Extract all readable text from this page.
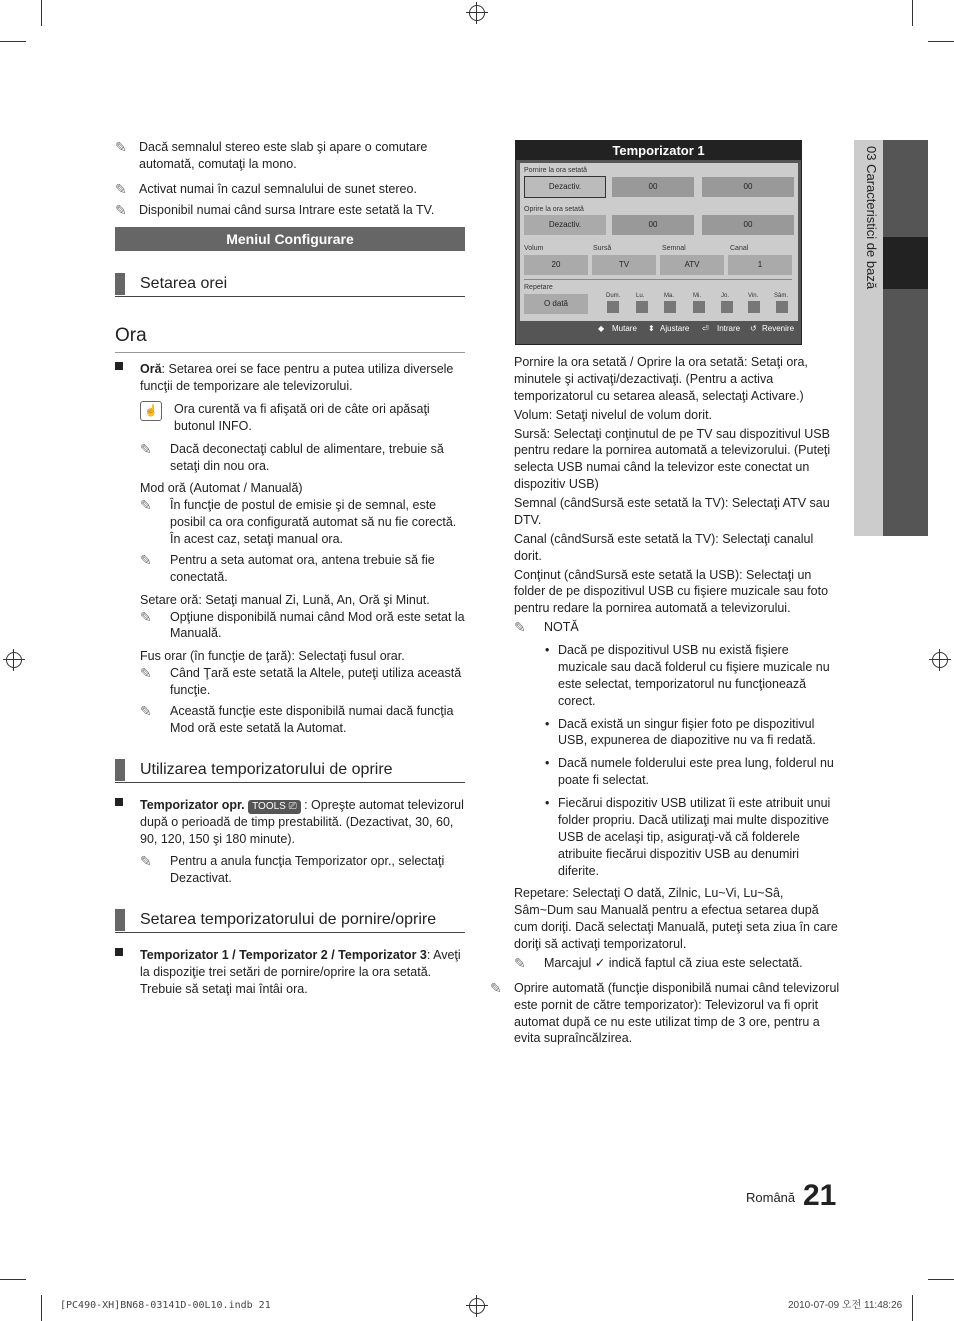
✎ Dacă semnalul stereo este slab şi apare o comutare automată, comutaţi la mono.
✎ Activat numai în cazul semnalului de sunet stereo.
✎ Disponibil numai când sursa Intrare este setată la TV.
Meniul Configurare
Setarea orei
Ora
Oră: Setarea orei se face pentru a putea utiliza diversele funcţii de temporizare ale televizorului.
☝	Ora curentă va fi afişată ori de câte ori apăsaţi butonul INFO.
✎ Dacă deconectaţi cablul de alimentare, trebuie să setaţi din nou ora.
Mod oră (Automat / Manuală)
✎ În funcţie de postul de emisie şi de semnal, este posibil ca ora configurată automat să nu fie corectă. În acest caz, setaţi manual ora.
✎ Pentru a seta automat ora, antena trebuie să fie conectată.
Setare oră: Setaţi manual Zi, Lună, An, Oră şi Minut.
✎ Opţiune disponibilă numai când Mod oră este setat la Manuală.
Fus orar (în funcţie de ţară): Selectaţi fusul orar.
✎ Când Ţară este setată la Altele, puteţi utiliza această funcţie.
✎ Această funcţie este disponibilă numai dacă funcţia Mod oră este setată la Automat.
Utilizarea temporizatorului de oprire
Temporizator opr. TOOLS ⎚ : Opreşte automat televizorul după o perioadă de timp prestabilită. (Dezactivat, 30, 60, 90, 120, 150 şi 180 minute).
✎ Pentru a anula funcţia Temporizator opr., selectaţi Dezactivat.
Setarea temporizatorului de pornire/oprire
Temporizator 1 / Temporizator 2 / Temporizator 3: Aveţi la dispoziţie trei setări de pornire/oprire la ora setată. Trebuie să setaţi mai întâi ora.
Temporizator 1
Pornire la ora setată
Dezactiv.	00	00
Oprire la ora setată
Dezactiv.	00	00
Volum	Sursă	Semnal	Canal
20	TV	ATV	1
Repetare
O dată
Dum.	Lu.	Ma.	Mi.	Jo.	Vin.	Sâm.
◆ Mutare ⬍ Ajustare ⏎ Intrare ↺ Revenire
Pornire la ora setată / Oprire la ora setată: Setaţi ora, minutele şi activaţi/dezactivaţi. (Pentru a activa temporizatorul cu setarea aleasă, selectaţi Activare.)
Volum: Setaţi nivelul de volum dorit.
Sursă: Selectaţi conţinutul de pe TV sau dispozitivul USB pentru redare la pornirea automată a televizorului. (Puteţi selecta USB numai când la televizor este conectat un dispozitiv USB)
Semnal (cândSursă este setată la TV): Selectaţi ATV sau DTV.
Canal (cândSursă este setată la TV): Selectaţi canalul dorit.
Conţinut (cândSursă este setată la USB): Selectaţi un folder de pe dispozitivul USB cu fişiere muzicale sau foto pentru redare la pornirea automată a televizorului.
✎ NOTĂ
• Dacă pe dispozitivul USB nu există fişiere muzicale sau dacă folderul cu fişiere muzicale nu este selectat, temporizatorul nu funcţionează corect.
• Dacă există un singur fişier foto pe dispozitivul USB, expunerea de diapozitive nu va fi redată.
• Dacă numele folderului este prea lung, folderul nu poate fi selectat.
• Fiecărui dispozitiv USB utilizat îi este atribuit unui folder propriu. Dacă utilizaţi mai multe dispozitive USB de acelaşi tip, asiguraţi-vă că folderele atribuite fiecărui dispozitiv USB au denumiri diferite.
Repetare: Selectaţi O dată, Zilnic, Lu~Vi, Lu~Sâ, Sâm~Dum sau Manuală pentru a efectua setarea după cum doriţi. Dacă selectaţi Manuală, puteţi seta ziua în care doriţi să activaţi temporizatorul.
✎ Marcajul ✓ indică faptul că ziua este selectată.
✎ Oprire automată (funcţie disponibilă numai când televizorul este pornit de către temporizator): Televizorul va fi oprit automat după ce nu este utilizat timp de 3 ore, pentru a evita supraîncălzirea.
03 Caracteristici de bază
Română 21
[PC490-XH]BN68-03141D-00L10.indb 21	2010-07-09 오전 11:48:26
